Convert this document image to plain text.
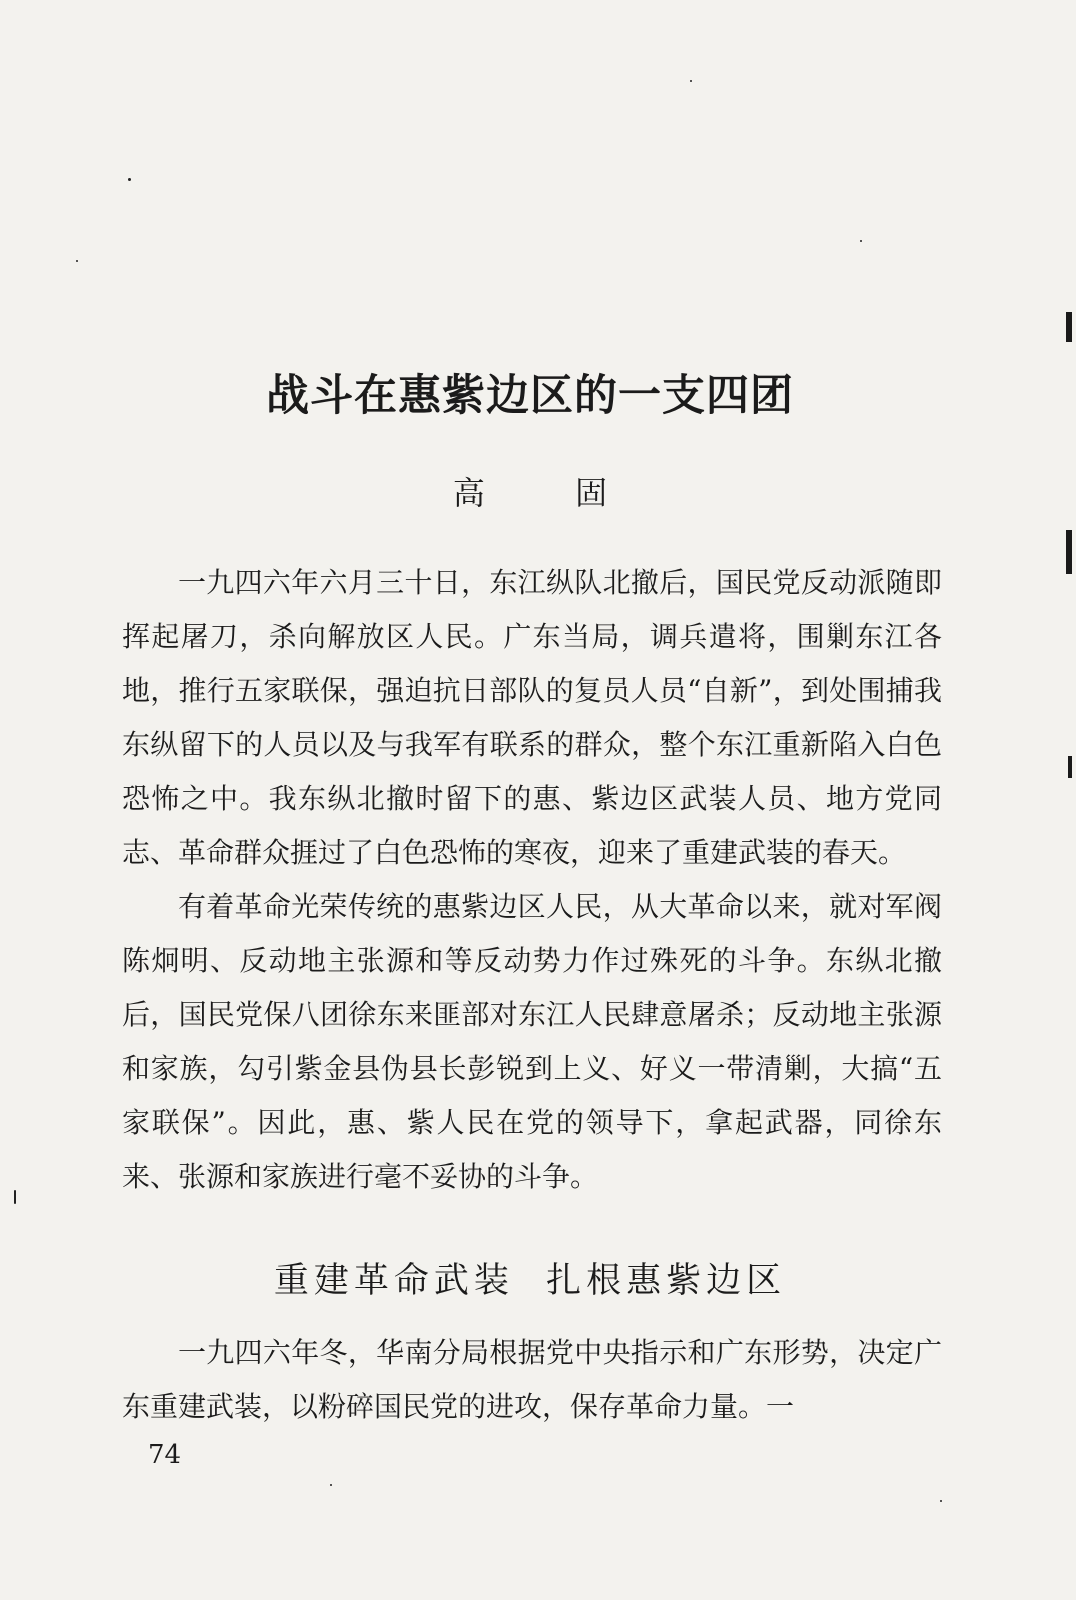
战斗在惠紫边区的一支四团
高 固

一九四六年六月三十日，东江纵队北撤后，国民党反动派随即挥起屠刀，杀向解放区人民。广东当局，调兵遣将，围剿东江各地，推行五家联保，强迫抗日部队的复员人员“自新”，到处围捕我东纵留下的人员以及与我军有联系的群众，整个东江重新陷入白色恐怖之中。我东纵北撤时留下的惠、紫边区武装人员、地方党同志、革命群众捱过了白色恐怖的寒夜，迎来了重建武装的春天。

有着革命光荣传统的惠紫边区人民，从大革命以来，就对军阀陈炯明、反动地主张源和等反动势力作过殊死的斗争。东纵北撤后，国民党保八团徐东来匪部对东江人民肆意屠杀；反动地主张源和家族，勾引紫金县伪县长彭锐到上义、好义一带清剿，大搞“五家联保”。因此，惠、紫人民在党的领导下，拿起武器，同徐东来、张源和家族进行毫不妥协的斗争。

重建革命武装  扎根惠紫边区

一九四六年冬，华南分局根据党中央指示和广东形势，决定广东重建武装，以粉碎国民党的进攻，保存革命力量。一

74
